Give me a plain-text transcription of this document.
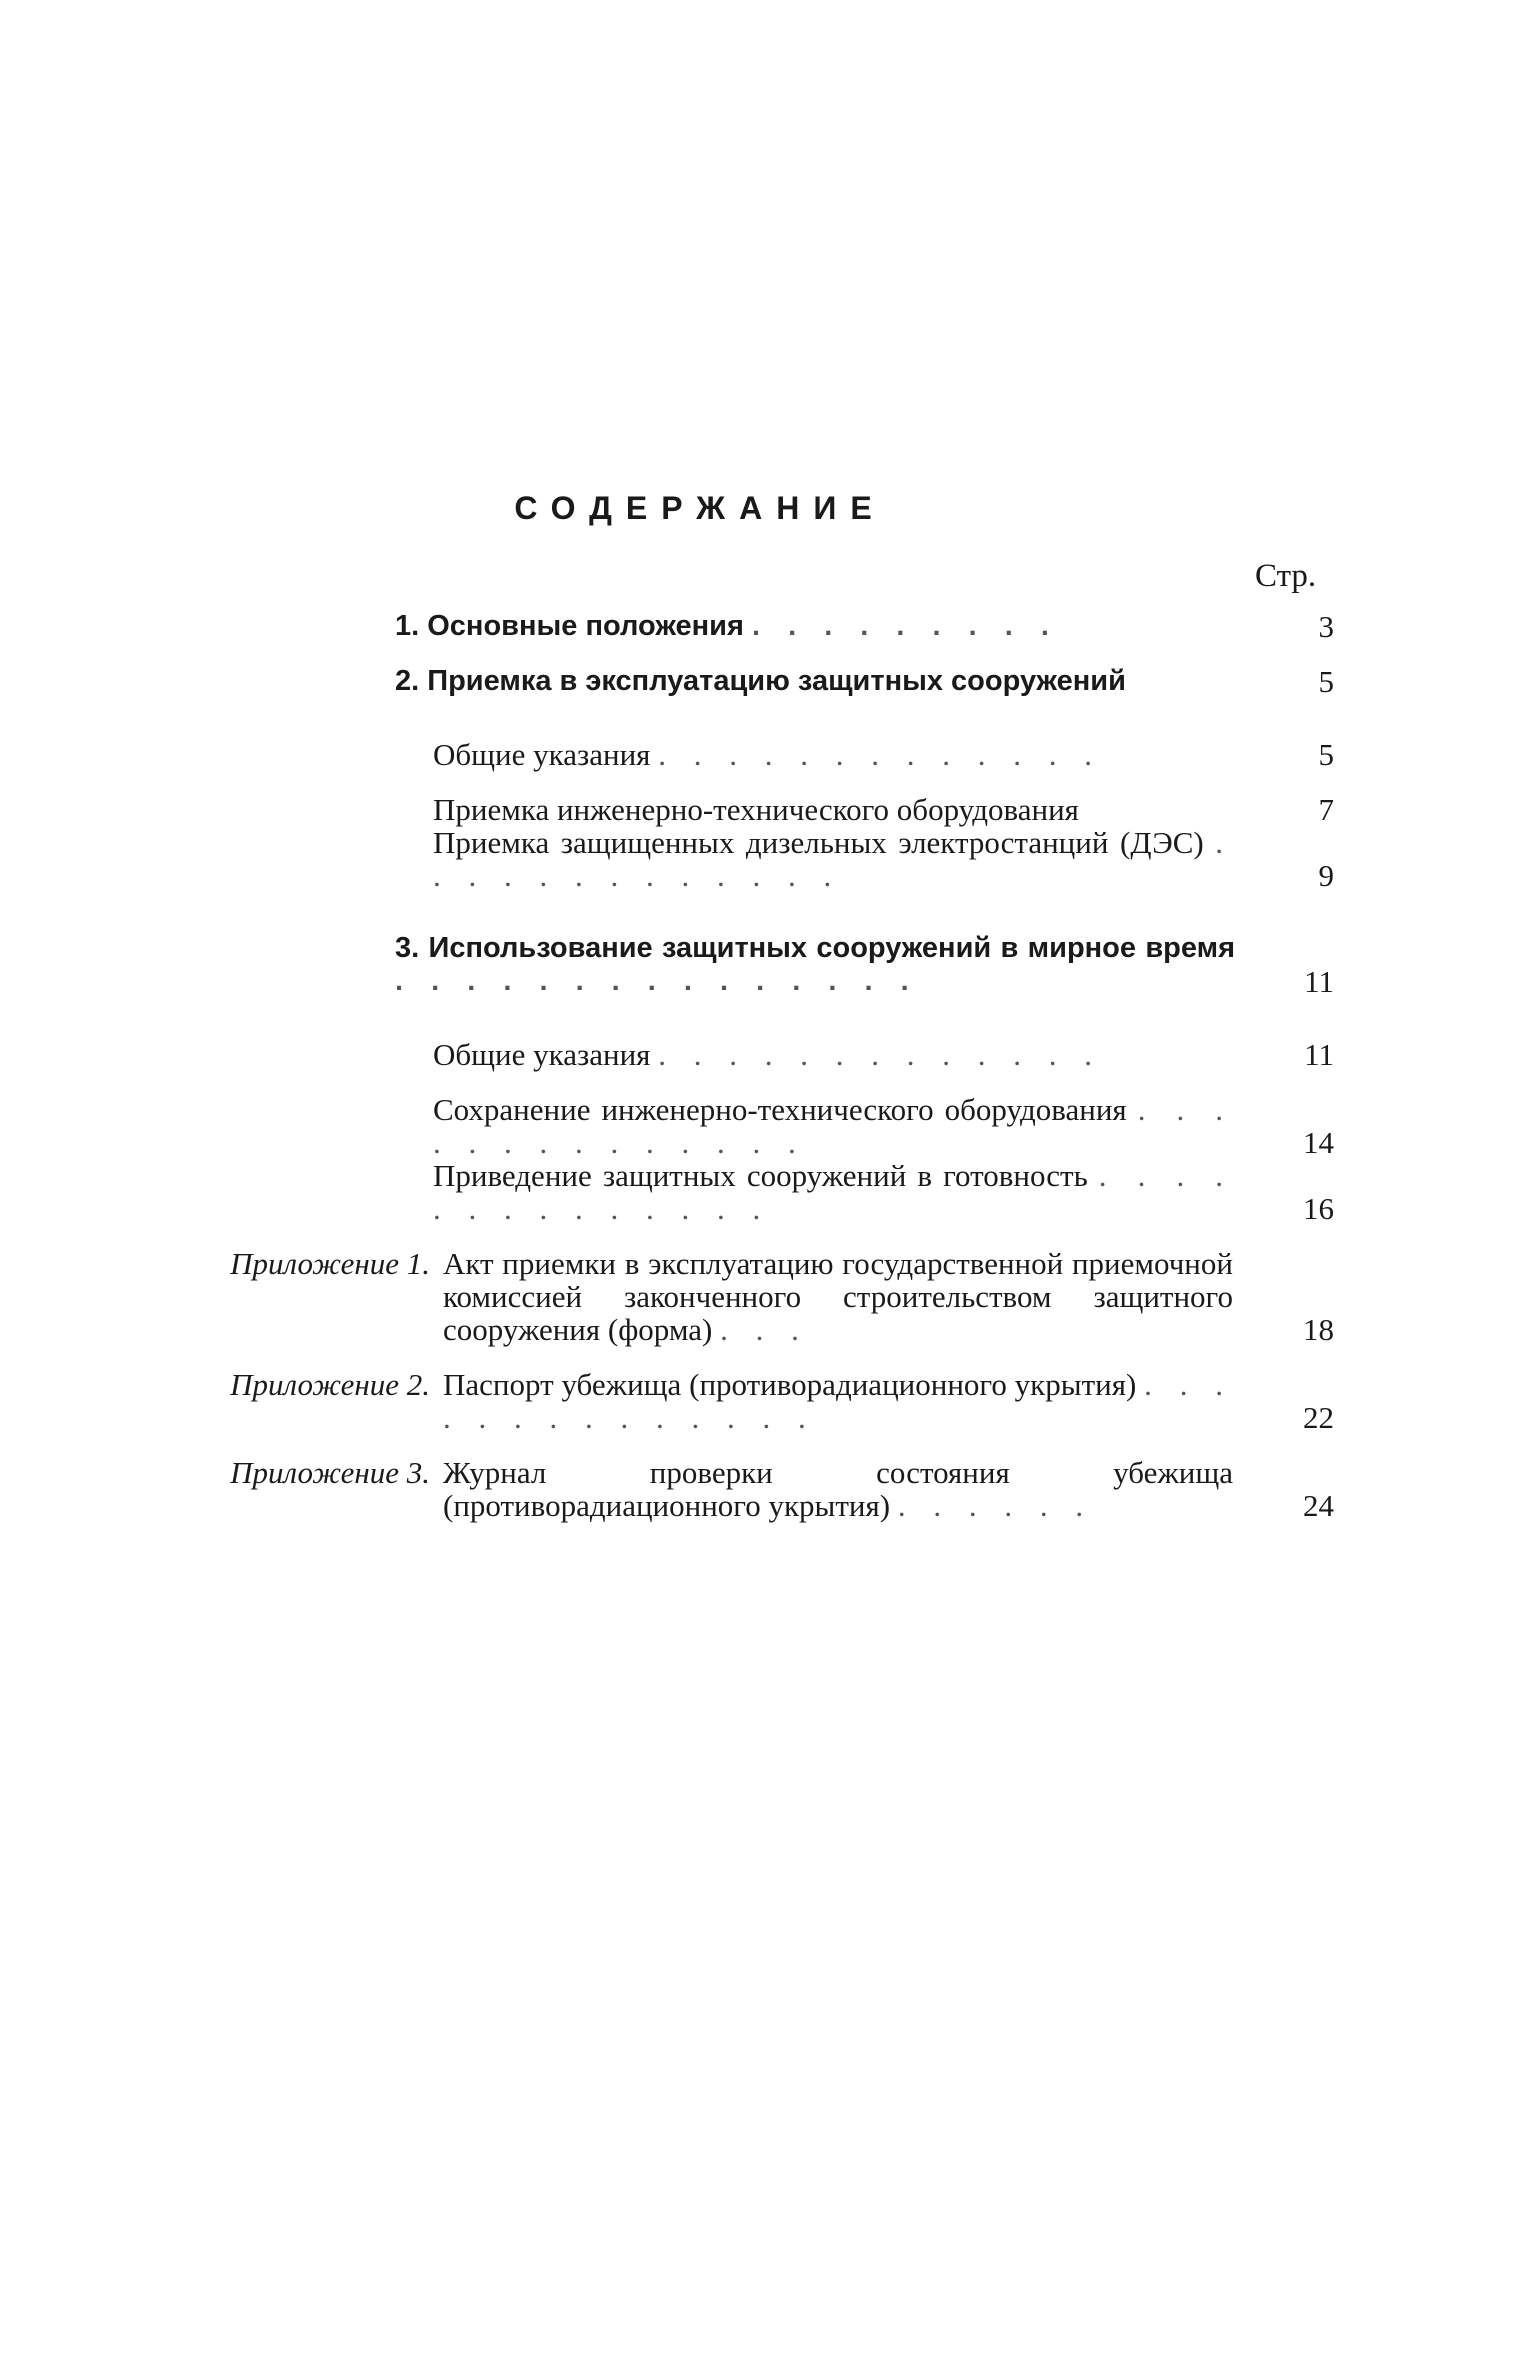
СОДЕРЖАНИЕ
Стр.
1. Основные положения . . . . . . . . .	3
2. Приемка в эксплуатацию защитных сооружений	5
Общие указания . . . . . . . . . . . . .	5
Приемка инженерно-технического оборудования	7
Приемка защищенных дизельных электростанций (ДЭС) . . . . . . . . . . . . .	9
3. Использование защитных сооружений в мирное время . . . . . . . . . . . . . . .	11
Общие указания . . . . . . . . . . . . .	11
Сохранение инженерно-технического оборудования . . . . . . . . . . . . . .	14
Приведение защитных сооружений в готовность . . . . . . . . . . . . . .	16
Приложение 1. Акт приемки в эксплуатацию государственной приемочной комиссией законченного строительством защитного сооружения (форма) . . .	18
Приложение 2. Паспорт убежища (противорадиационного укрытия) . . . . . . . . . . . . . .	22
Приложение 3. Журнал проверки состояния убежища (противорадиационного укрытия) . . . . . .	24
